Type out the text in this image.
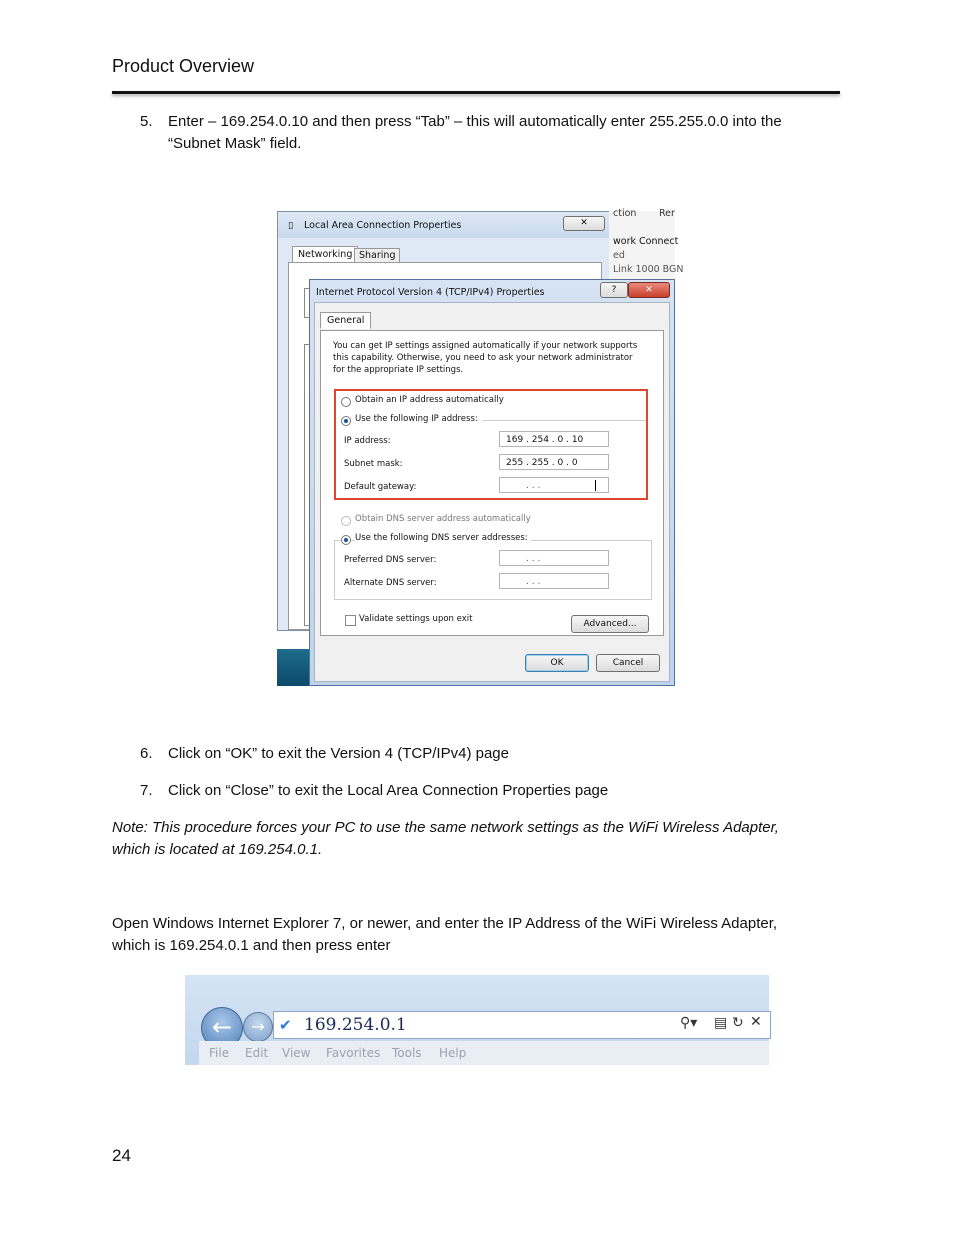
Product Overview
5. Enter – 169.254.0.10 and then press “Tab” – this will automatically enter 255.255.0.0 into the
“Subnet Mask” field.
▯ Local Area Connection Properties	✕
Networking Sharing
ction Rer
work Connect
ed
Link 1000 BGN
Internet Protocol Version 4 (TCP/IPv4) Properties	?	✕
General
You can get IP settings assigned automatically if your network supports
this capability. Otherwise, you need to ask your network administrator
for the appropriate IP settings.
Obtain an IP address automatically
Use the following IP address:
IP address:	169 . 254 . 0 . 10
Subnet mask:	255 . 255 . 0 . 0
Default gateway:	. . .
Obtain DNS server address automatically
Use the following DNS server addresses:
Preferred DNS server:	. . .
Alternate DNS server:	. . .
Validate settings upon exit	Advanced...
OK	Cancel
6. Click on “OK” to exit the Version 4 (TCP/IPv4) page
7. Click on “Close” to exit the Local Area Connection Properties page
Note: This procedure forces your PC to use the same network settings as the WiFi Wireless Adapter,
which is located at 169.254.0.1.
Open Windows Internet Explorer 7, or newer, and enter the IP Address of the WiFi Wireless Adapter,
which is 169.254.0.1 and then press enter
←	→ ✔ 169.254.0.1	⚲▾ ▤ ↻ ✕
File Edit View Favorites Tools Help
24
